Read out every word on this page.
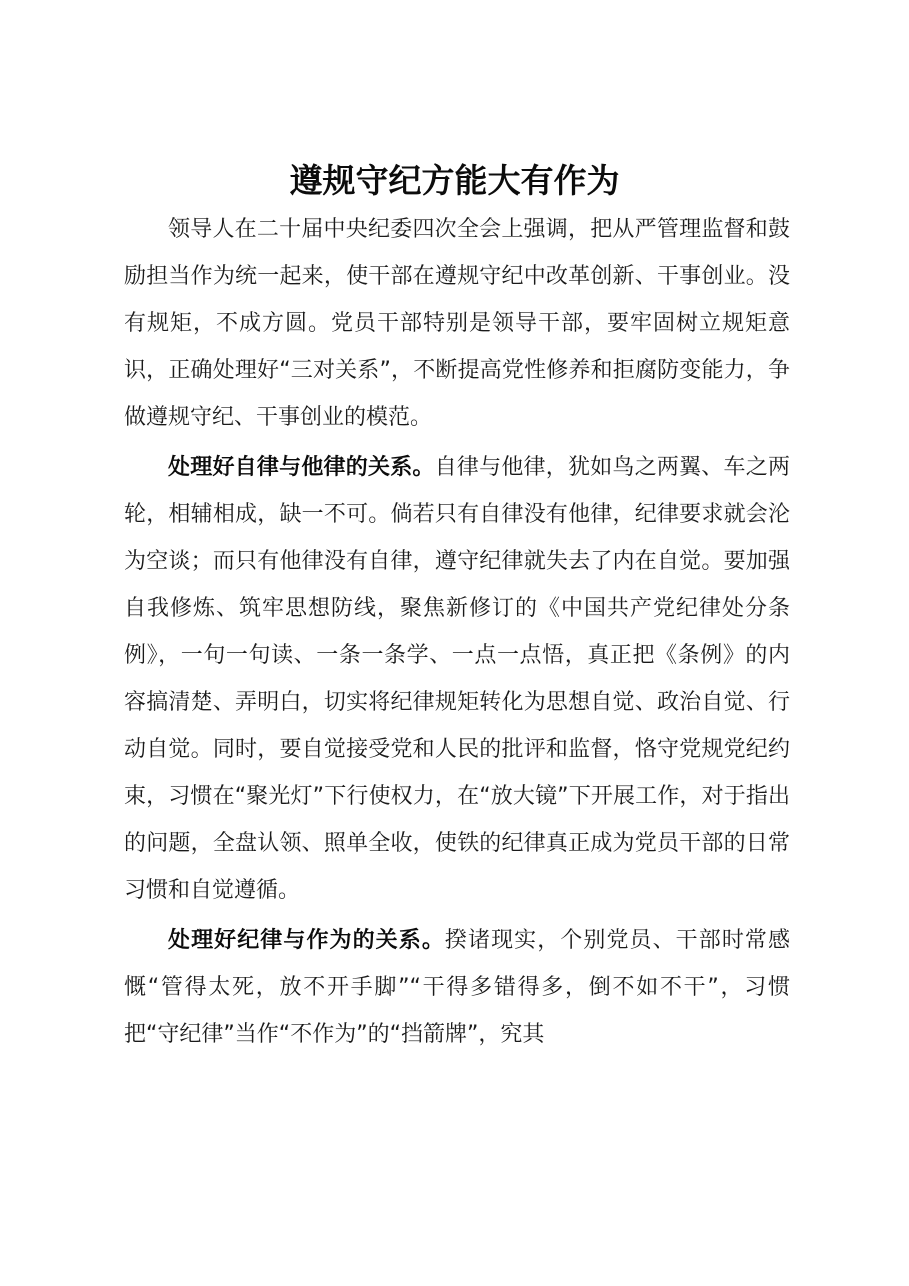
遵规守纪方能大有作为

领导人在二十届中央纪委四次全会上强调，把从严管理监督和鼓励担当作为统一起来，使干部在遵规守纪中改革创新、干事创业。没有规矩，不成方圆。党员干部特别是领导干部，要牢固树立规矩意识，正确处理好“三对关系”，不断提高党性修养和拒腐防变能力，争做遵规守纪、干事创业的模范。

处理好自律与他律的关系。自律与他律，犹如鸟之两翼、车之两轮，相辅相成，缺一不可。倘若只有自律没有他律，纪律要求就会沦为空谈；而只有他律没有自律，遵守纪律就失去了内在自觉。要加强自我修炼、筑牢思想防线，聚焦新修订的《中国共产党纪律处分条例》，一句一句读、一条一条学、一点一点悟，真正把《条例》的内容搞清楚、弄明白，切实将纪律规矩转化为思想自觉、政治自觉、行动自觉。同时，要自觉接受党和人民的批评和监督，恪守党规党纪约束，习惯在“聚光灯”下行使权力，在“放大镜”下开展工作，对于指出的问题，全盘认领、照单全收，使铁的纪律真正成为党员干部的日常习惯和自觉遵循。

处理好纪律与作为的关系。揆诸现实，个别党员、干部时常感慨“管得太死，放不开手脚”“干得多错得多，倒不如不干”，习惯把“守纪律”当作“不作为”的“挡箭牌”，究其
